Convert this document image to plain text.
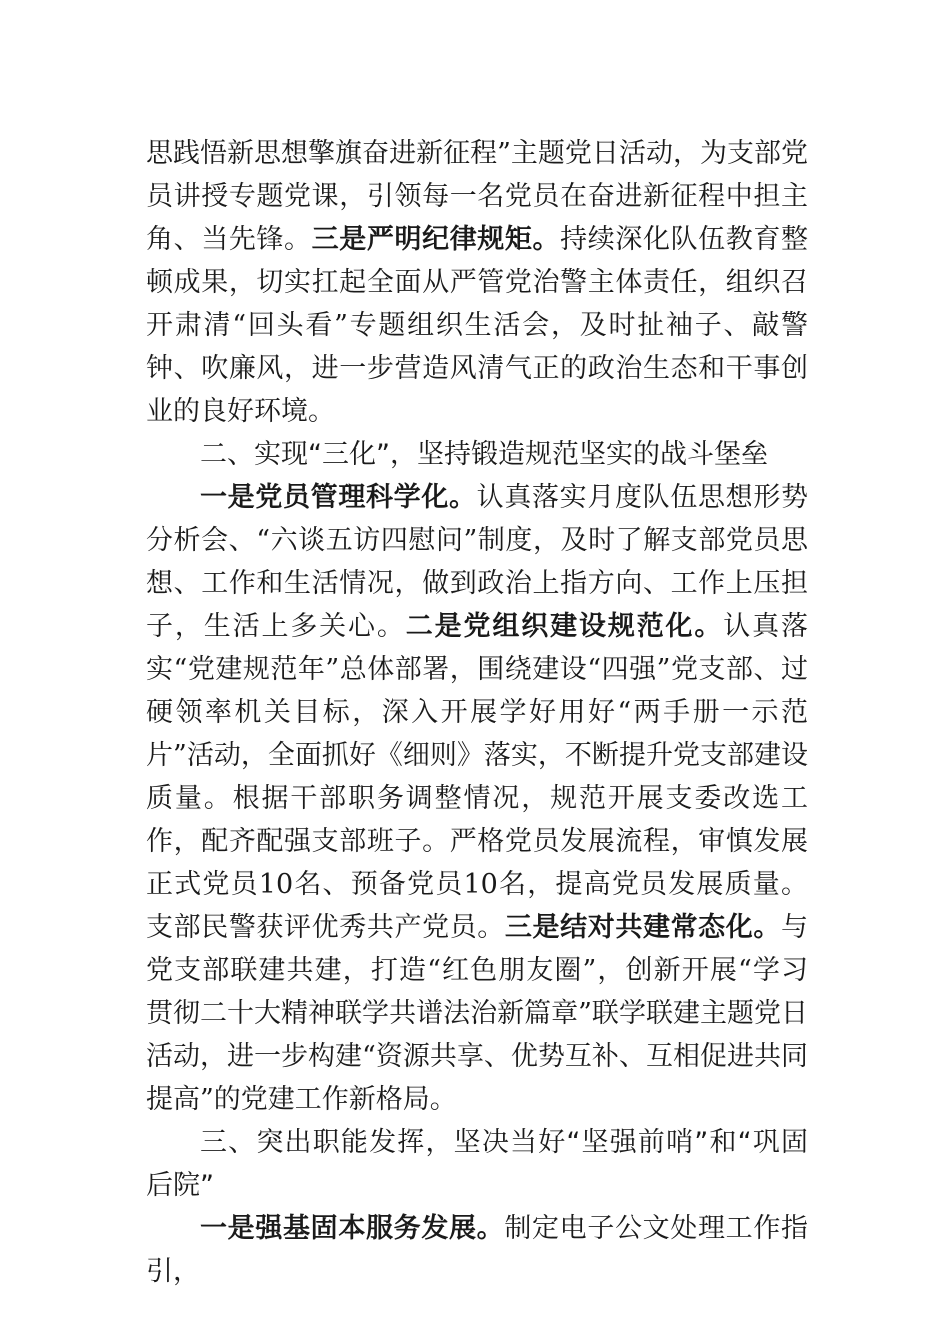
思践悟新思想擎旗奋进新征程”主题党日活动，为支部党员讲授专题党课，引领每一名党员在奋进新征程中担主角、当先锋。三是严明纪律规矩。持续深化队伍教育整顿成果，切实扛起全面从严管党治警主体责任，组织召开肃清“回头看”专题组织生活会，及时扯袖子、敲警钟、吹廉风，进一步营造风清气正的政治生态和干事创业的良好环境。

二、实现“三化”，坚持锻造规范坚实的战斗堡垒

一是党员管理科学化。认真落实月度队伍思想形势分析会、“六谈五访四慰问”制度，及时了解支部党员思想、工作和生活情况，做到政治上指方向、工作上压担子，生活上多关心。二是党组织建设规范化。认真落实“党建规范年”总体部署，围绕建设“四强”党支部、过硬领率机关目标，深入开展学好用好“两手册一示范片”活动，全面抓好《细则》落实，不断提升党支部建设质量。根据干部职务调整情况，规范开展支委改选工作，配齐配强支部班子。严格党员发展流程，审慎发展正式党员10名、预备党员10名，提高党员发展质量。支部民警获评优秀共产党员。三是结对共建常态化。与党支部联建共建，打造“红色朋友圈”，创新开展“学习贯彻二十大精神联学共谱法治新篇章”联学联建主题党日活动，进一步构建“资源共享、优势互补、互相促进共同提高”的党建工作新格局。

三、突出职能发挥，坚决当好“坚强前哨”和“巩固后院”

一是强基固本服务发展。制定电子公文处理工作指引，
